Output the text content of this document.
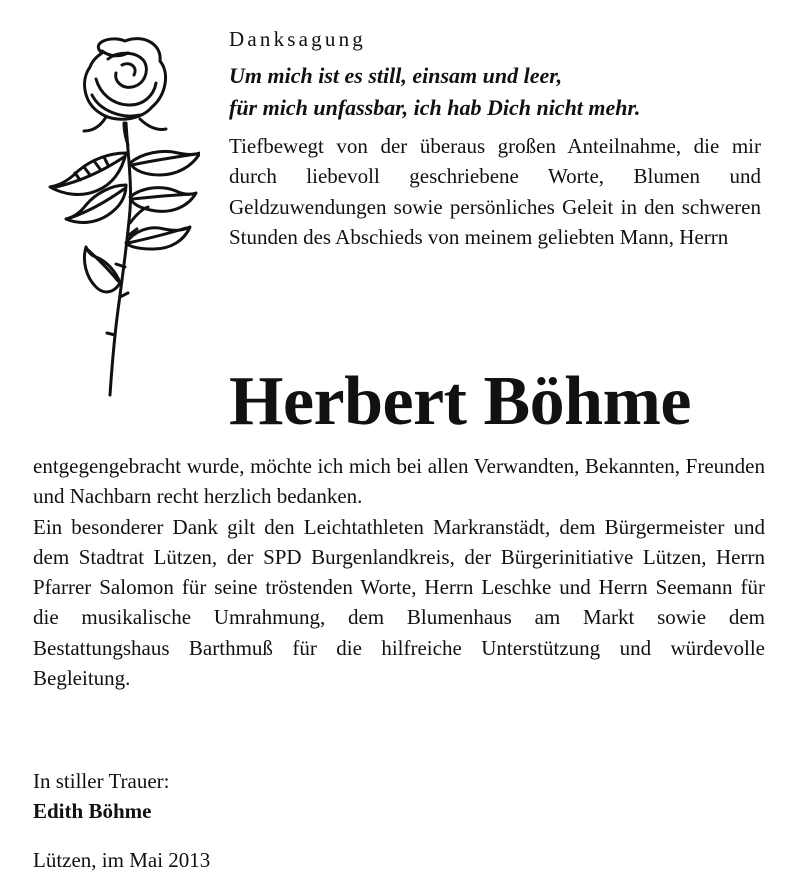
Danksagung
Um mich ist es still, einsam und leer,
für mich unfassbar, ich hab Dich nicht mehr.
Tiefbewegt von der überaus großen Anteilnahme, die mir durch liebevoll geschriebene Worte, Blumen und Geldzuwendungen sowie persönliches Geleit in den schweren Stunden des Abschieds von meinem geliebten Mann, Herrn
Herbert Böhme

entgegengebracht wurde, möchte ich mich bei allen Verwandten, Bekannten, Freunden und Nachbarn recht herzlich bedanken.

Ein besonderer Dank gilt den Leichtathleten Markranstädt, dem Bürgermeister und dem Stadtrat Lützen, der SPD Burgenlandkreis, der Bürgerinitiative Lützen, Herrn Pfarrer Salomon für seine tröstenden Worte, Herrn Leschke und Herrn Seemann für die musikalische Umrahmung, dem Blumenhaus am Markt sowie dem Bestattungshaus Barthmuß für die hilfreiche Unterstützung und würdevolle Begleitung.

In stiller Trauer:
Edith Böhme
Lützen, im Mai 2013
